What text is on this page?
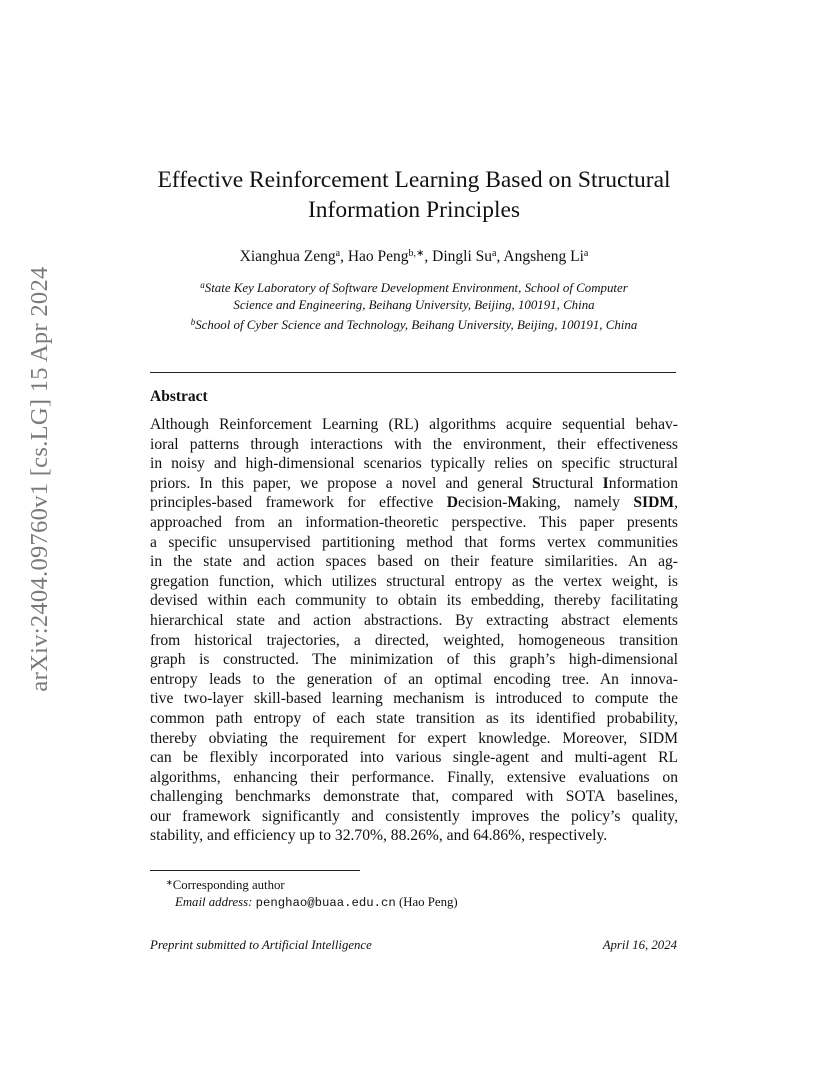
arXiv:2404.09760v1 [cs.LG] 15 Apr 2024
Effective Reinforcement Learning Based on Structural
Information Principles
Xianghua Zeng$^a$, Hao Peng$^{b,∗}$, Dingli Su$^a$, Angsheng Li$^a$
$^a$State Key Laboratory of Software Development Environment, School of Computer
Science and Engineering, Beihang University, Beijing, 100191, China
$^b$School of Cyber Science and Technology, Beihang University, Beijing, 100191, China
Abstract
Although Reinforcement Learning (RL) algorithms acquire sequential behav-
ioral patterns through interactions with the environment, their effectiveness
in noisy and high-dimensional scenarios typically relies on specific structural
priors. In this paper, we propose a novel and general Structural Information
principles-based framework for effective Decision-Making, namely SIDM,
approached from an information-theoretic perspective. This paper presents
a specific unsupervised partitioning method that forms vertex communities
in the state and action spaces based on their feature similarities. An ag-
gregation function, which utilizes structural entropy as the vertex weight, is
devised within each community to obtain its embedding, thereby facilitating
hierarchical state and action abstractions. By extracting abstract elements
from historical trajectories, a directed, weighted, homogeneous transition
graph is constructed. The minimization of this graph’s high-dimensional
entropy leads to the generation of an optimal encoding tree. An innova-
tive two-layer skill-based learning mechanism is introduced to compute the
common path entropy of each state transition as its identified probability,
thereby obviating the requirement for expert knowledge. Moreover, SIDM
can be flexibly incorporated into various single-agent and multi-agent RL
algorithms, enhancing their performance. Finally, extensive evaluations on
challenging benchmarks demonstrate that, compared with SOTA baselines,
our framework significantly and consistently improves the policy’s quality,
stability, and efficiency up to 32.70%, 88.26%, and 64.86%, respectively.
∗Corresponding author
Email address: penghao@buaa.edu.cn (Hao Peng)
Preprint submitted to Artificial Intelligence	April 16, 2024
